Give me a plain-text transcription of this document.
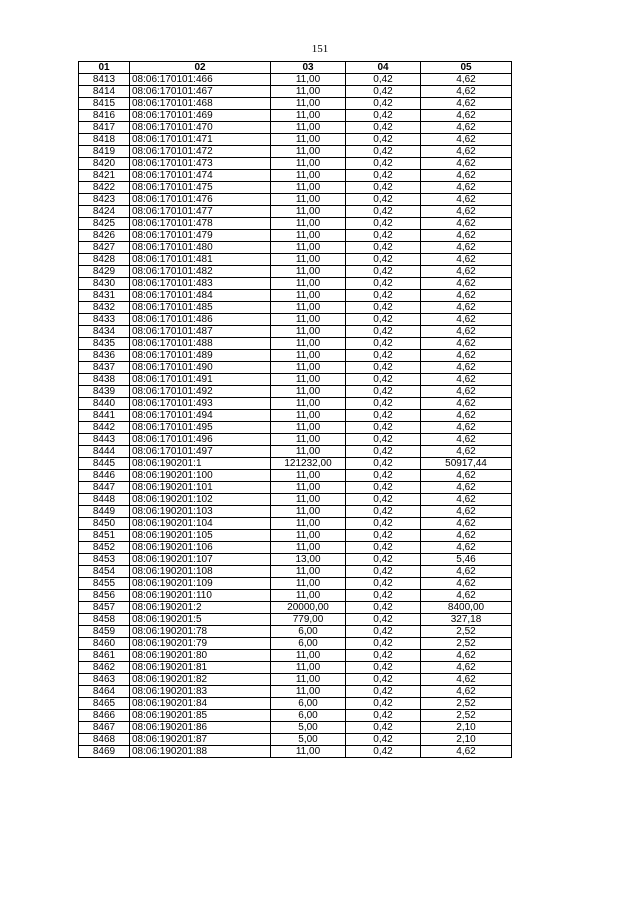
151
01	02	03	04	05
8413	08:06:170101:466	11,00	0,42	4,62
8414	08:06:170101:467	11,00	0,42	4,62
8415	08:06:170101:468	11,00	0,42	4,62
8416	08:06:170101:469	11,00	0,42	4,62
8417	08:06:170101:470	11,00	0,42	4,62
8418	08:06:170101:471	11,00	0,42	4,62
8419	08:06:170101:472	11,00	0,42	4,62
8420	08:06:170101:473	11,00	0,42	4,62
8421	08:06:170101:474	11,00	0,42	4,62
8422	08:06:170101:475	11,00	0,42	4,62
8423	08:06:170101:476	11,00	0,42	4,62
8424	08:06:170101:477	11,00	0,42	4,62
8425	08:06:170101:478	11,00	0,42	4,62
8426	08:06:170101:479	11,00	0,42	4,62
8427	08:06:170101:480	11,00	0,42	4,62
8428	08:06:170101:481	11,00	0,42	4,62
8429	08:06:170101:482	11,00	0,42	4,62
8430	08:06:170101:483	11,00	0,42	4,62
8431	08:06:170101:484	11,00	0,42	4,62
8432	08:06:170101:485	11,00	0,42	4,62
8433	08:06:170101:486	11,00	0,42	4,62
8434	08:06:170101:487	11,00	0,42	4,62
8435	08:06:170101:488	11,00	0,42	4,62
8436	08:06:170101:489	11,00	0,42	4,62
8437	08:06:170101:490	11,00	0,42	4,62
8438	08:06:170101:491	11,00	0,42	4,62
8439	08:06:170101:492	11,00	0,42	4,62
8440	08:06:170101:493	11,00	0,42	4,62
8441	08:06:170101:494	11,00	0,42	4,62
8442	08:06:170101:495	11,00	0,42	4,62
8443	08:06:170101:496	11,00	0,42	4,62
8444	08:06:170101:497	11,00	0,42	4,62
8445	08:06:190201:1	121232,00	0,42	50917,44
8446	08:06:190201:100	11,00	0,42	4,62
8447	08:06:190201:101	11,00	0,42	4,62
8448	08:06:190201:102	11,00	0,42	4,62
8449	08:06:190201:103	11,00	0,42	4,62
8450	08:06:190201:104	11,00	0,42	4,62
8451	08:06:190201:105	11,00	0,42	4,62
8452	08:06:190201:106	11,00	0,42	4,62
8453	08:06:190201:107	13,00	0,42	5,46
8454	08:06:190201:108	11,00	0,42	4,62
8455	08:06:190201:109	11,00	0,42	4,62
8456	08:06:190201:110	11,00	0,42	4,62
8457	08:06:190201:2	20000,00	0,42	8400,00
8458	08:06:190201:5	779,00	0,42	327,18
8459	08:06:190201:78	6,00	0,42	2,52
8460	08:06:190201:79	6,00	0,42	2,52
8461	08:06:190201:80	11,00	0,42	4,62
8462	08:06:190201:81	11,00	0,42	4,62
8463	08:06:190201:82	11,00	0,42	4,62
8464	08:06:190201:83	11,00	0,42	4,62
8465	08:06:190201:84	6,00	0,42	2,52
8466	08:06:190201:85	6,00	0,42	2,52
8467	08:06:190201:86	5,00	0,42	2,10
8468	08:06:190201:87	5,00	0,42	2,10
8469	08:06:190201:88	11,00	0,42	4,62
